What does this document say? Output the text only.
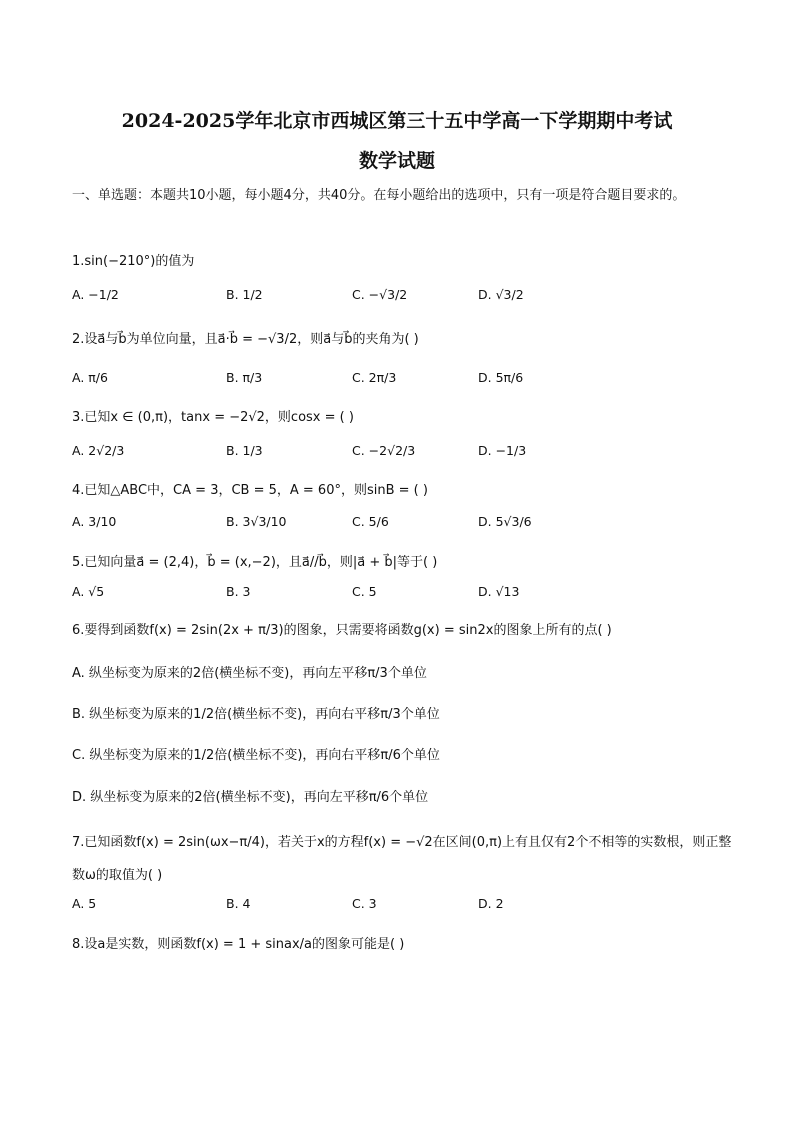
2024-2025学年北京市西城区第三十五中学高一下学期期中考试
数学试题
一、单选题：本题共10小题，每小题4分，共40分。在每小题给出的选项中，只有一项是符合题目要求的。
1.sin(−210°)的值为
A. −1/2	B. 1/2	C. −√3/2	D. √3/2
2.设a⃗与b⃗为单位向量，且a⃗·b⃗ = −√3/2，则a⃗与b⃗的夹角为( )
A. π/6	B. π/3	C. 2π/3	D. 5π/6
3.已知x ∈ (0,π)，tanx = −2√2，则cosx = ( )
A. 2√2/3	B. 1/3	C. −2√2/3	D. −1/3
4.已知△ABC中，CA = 3，CB = 5，A = 60°，则sinB = ( )
A. 3/10	B. 3√3/10	C. 5/6	D. 5√3/6
5.已知向量a⃗ = (2,4)，b⃗ = (x,−2)，且a⃗//b⃗，则|a⃗ + b⃗|等于( )
A. √5	B. 3	C. 5	D. √13
6.要得到函数f(x) = 2sin(2x + π/3)的图象，只需要将函数g(x) = sin2x的图象上所有的点( )
A. 纵坐标变为原来的2倍(横坐标不变)，再向左平移π/3个单位
B. 纵坐标变为原来的1/2倍(横坐标不变)，再向右平移π/3个单位
C. 纵坐标变为原来的1/2倍(横坐标不变)，再向右平移π/6个单位
D. 纵坐标变为原来的2倍(横坐标不变)，再向左平移π/6个单位
7.已知函数f(x) = 2sin(ωx−π/4)，若关于x的方程f(x) = −√2在区间(0,π)上有且仅有2个不相等的实数根，则正整数ω的取值为( )
A. 5	B. 4	C. 3	D. 2
8.设a是实数，则函数f(x) = 1 + sinax/a的图象可能是( )
